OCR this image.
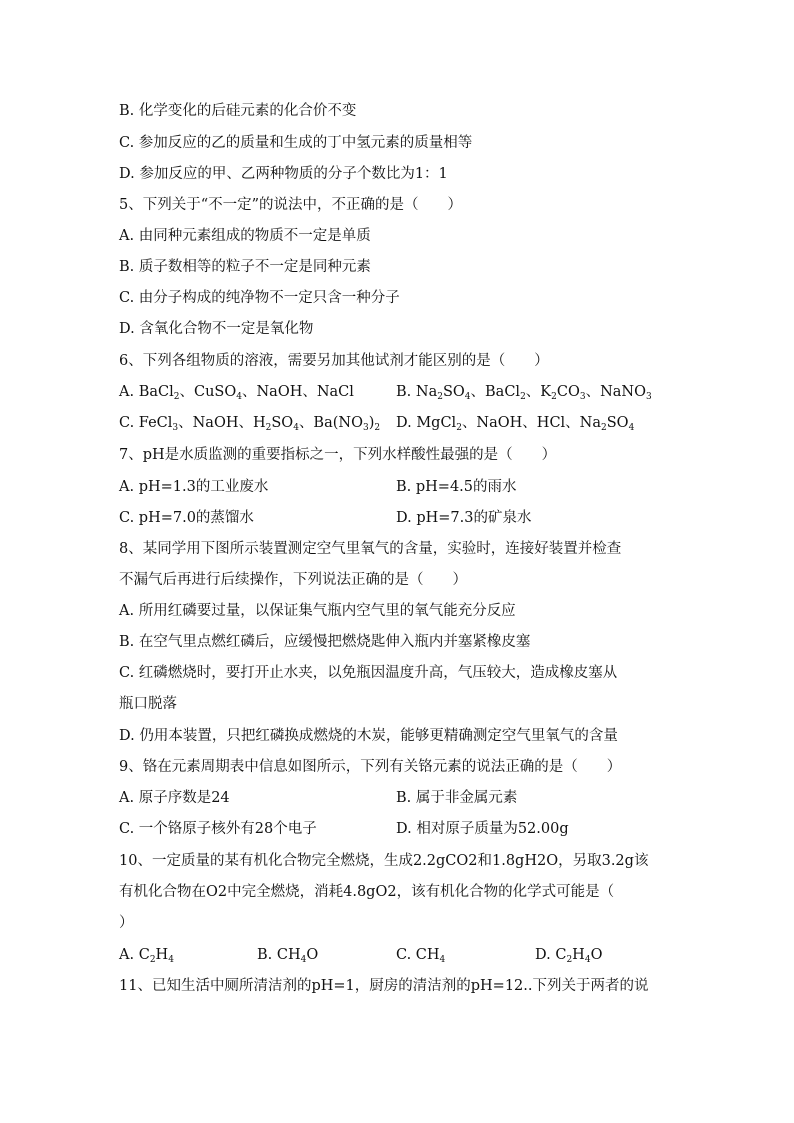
B. 化学变化的后硅元素的化合价不变
C. 参加反应的乙的质量和生成的丁中氢元素的质量相等
D. 参加反应的甲、乙两种物质的分子个数比为1：1
5、下列关于“不一定”的说法中，不正确的是（　　）
A. 由同种元素组成的物质不一定是单质
B. 质子数相等的粒子不一定是同种元素
C. 由分子构成的纯净物不一定只含一种分子
D. 含氧化合物不一定是氧化物
6、下列各组物质的溶液，需要另加其他试剂才能区别的是（　　）
A. BaCl$_2$、CuSO$_4$、NaOH、NaCl	B. $Na_2SO_4$、BaCl$_2$、$K_2CO_3$、NaNO$_3$
C. FeCl$_3$、NaOH、$H_2SO_4$、$Ba(NO_3)_2$ D. MgCl$_2$、NaOH、HCl、$Na_2SO_4$
7、pH是水质监测的重要指标之一，下列水样酸性最强的是（　　）
A. pH=1.3的工业废水	B. pH=4.5的雨水
C. pH=7.0的蒸馏水	D. pH=7.3的矿泉水
8、某同学用下图所示装置测定空气里氧气的含量，实验时，连接好装置并检查
不漏气后再进行后续操作，下列说法正确的是（　　）
A. 所用红磷要过量，以保证集气瓶内空气里的氧气能充分反应
B. 在空气里点燃红磷后，应缓慢把燃烧匙伸入瓶内并塞紧橡皮塞
C. 红磷燃烧时，要打开止水夹，以免瓶因温度升高，气压较大，造成橡皮塞从
瓶口脱落
D. 仍用本装置，只把红磷换成燃烧的木炭，能够更精确测定空气里氧气的含量
9、铬在元素周期表中信息如图所示，下列有关铬元素的说法正确的是（　　）
A. 原子序数是24	B. 属于非金属元素
C. 一个铬原子核外有28个电子	D. 相对原子质量为52.00g
10、一定质量的某有机化合物完全燃烧，生成2.2gCO2和1.8gH2O，另取3.2g该
有机化合物在O2中完全燃烧，消耗4.8gO2，该有机化合物的化学式可能是（
）
A. $C_2H_4$	B. $CH_4O$	C. $CH_4$	D. $C_2H_4O$
11、已知生活中厕所清洁剂的pH=1，厨房的清洁剂的pH=12..下列关于两者的说
